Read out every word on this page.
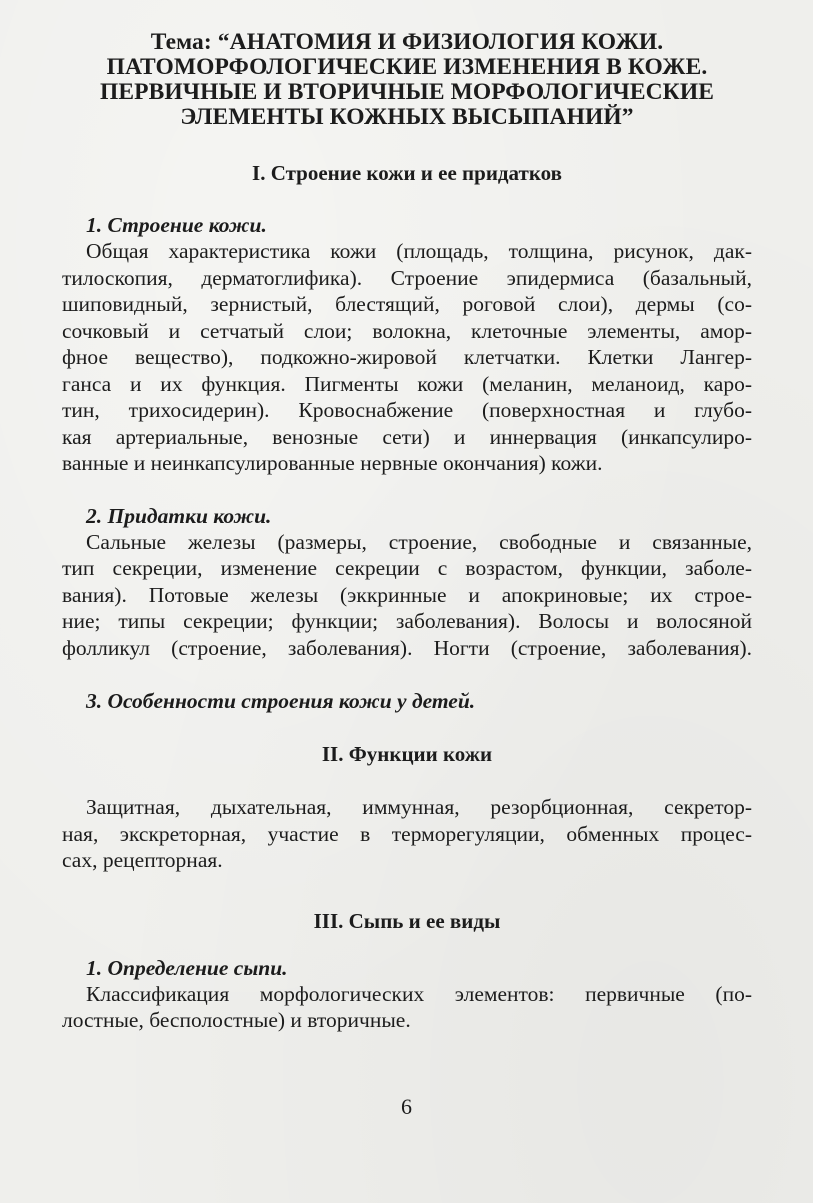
Тема: “АНАТОМИЯ И ФИЗИОЛОГИЯ КОЖИ.
ПАТОМОРФОЛОГИЧЕСКИЕ ИЗМЕНЕНИЯ В КОЖЕ.
ПЕРВИЧНЫЕ И ВТОРИЧНЫЕ МОРФОЛОГИЧЕСКИЕ
ЭЛЕМЕНТЫ КОЖНЫХ ВЫСЫПАНИЙ”
I. Строение кожи и ее придатков
1. Строение кожи.

Общая характеристика кожи (площадь, толщина, рисунок, дак-
тилоскопия, дерматоглифика). Строение эпидермиса (базальный,
шиповидный, зернистый, блестящий, роговой слои), дермы (со-
сочковый и сетчатый слои; волокна, клеточные элементы, амор-
фное вещество), подкожно-жировой клетчатки. Клетки Лангер-
ганса и их функция. Пигменты кожи (меланин, меланоид, каро-
тин, трихосидерин). Кровоснабжение (поверхностная и глубо-
кая артериальные, венозные сети) и иннервация (инкапсулиро-
ванные и неинкапсулированные нервные окончания) кожи.

2. Придатки кожи.

Сальные железы (размеры, строение, свободные и связанные,
тип секреции, изменение секреции с возрастом, функции, заболе-
вания). Потовые железы (эккринные и апокриновые; их строе-
ние; типы секреции; функции; заболевания). Волосы и волосяной
фолликул (строение, заболевания). Ногти (строение, заболевания).

3. Особенности строения кожи у детей.
II. Функции кожи

Защитная, дыхательная, иммунная, резорбционная, секретор-
ная, экскреторная, участие в терморегуляции, обменных процес-
сах, рецепторная.

III. Сыпь и ее виды
1. Определение сыпи.

Классификация морфологических элементов: первичные (по-
лостные, бесполостные) и вторичные.

6
